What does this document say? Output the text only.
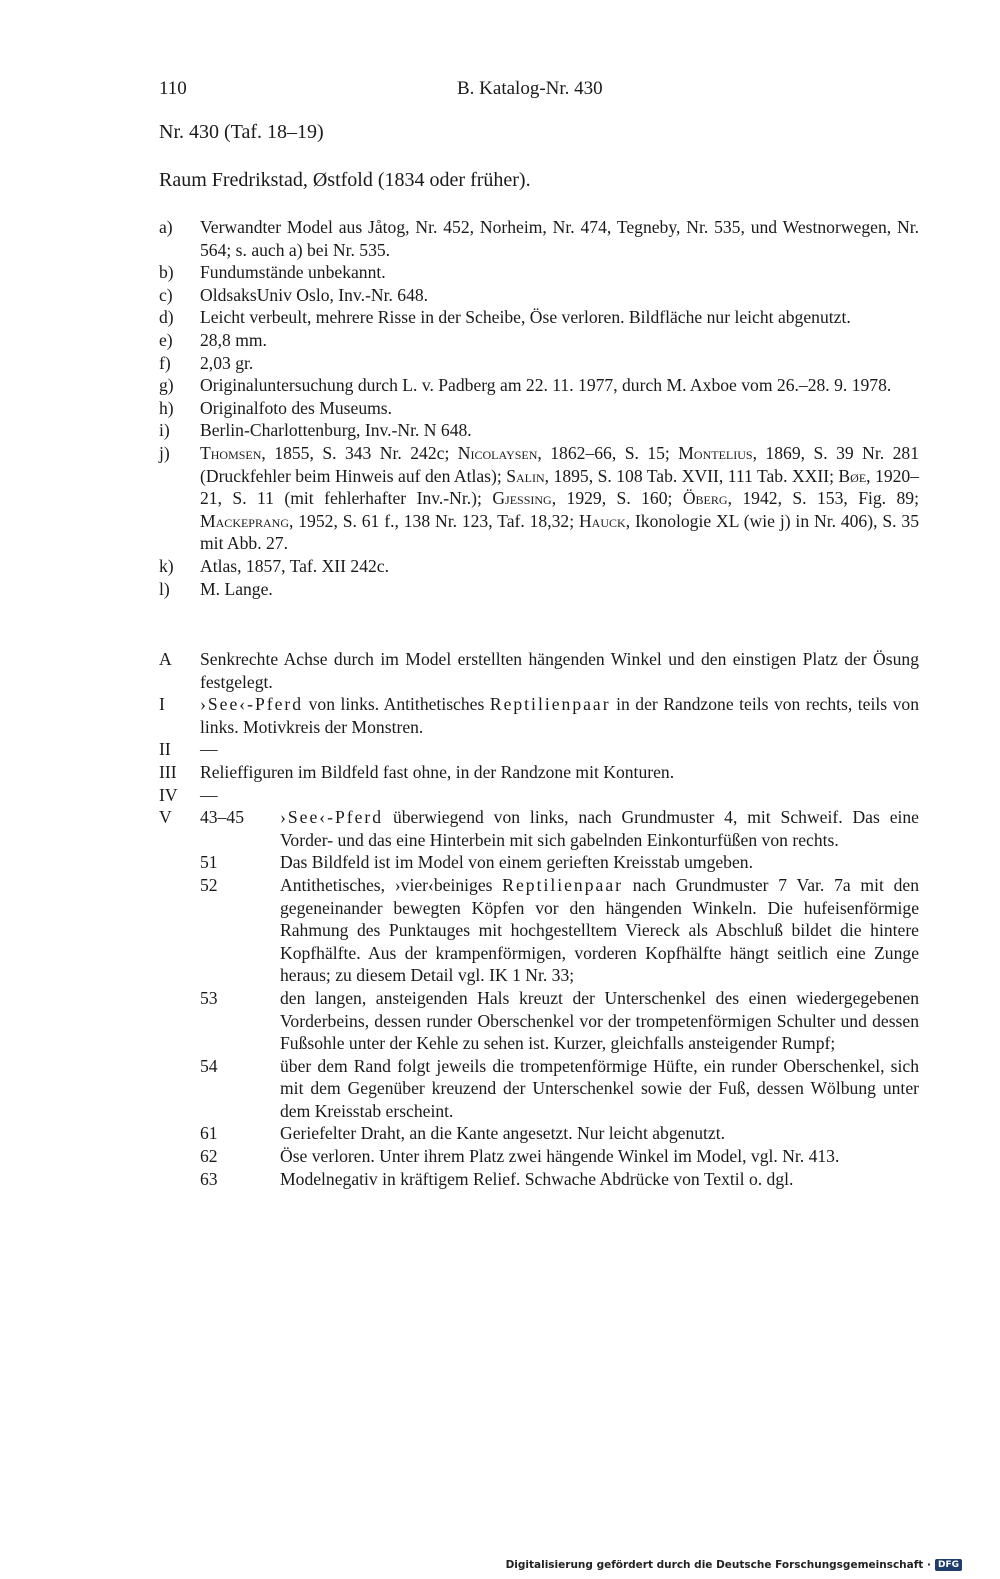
110	B. Katalog-Nr. 430
Nr. 430 (Taf. 18–19)
Raum Fredrikstad, Østfold (1834 oder früher).
a)	Verwandter Model aus Jåtog, Nr. 452, Norheim, Nr. 474, Tegneby, Nr. 535, und Westnorwegen, Nr. 564; s. auch a) bei Nr. 535.
b)	Fundumstände unbekannt.
c)	OldsaksUniv Oslo, Inv.-Nr. 648.
d)	Leicht verbeult, mehrere Risse in der Scheibe, Öse verloren. Bildfläche nur leicht abgenutzt.
e)	28,8 mm.
f)	2,03 gr.
g)	Originaluntersuchung durch L. v. Padberg am 22. 11. 1977, durch M. Axboe vom 26.–28. 9. 1978.
h)	Originalfoto des Museums.
i)	Berlin-Charlottenburg, Inv.-Nr. N 648.
j)	Thomsen, 1855, S. 343 Nr. 242c; Nicolaysen, 1862–66, S. 15; Montelius, 1869, S. 39 Nr. 281 (Druckfehler beim Hinweis auf den Atlas); Salin, 1895, S. 108 Tab. XVII, 111 Tab. XXII; Bøe, 1920–21, S. 11 (mit fehlerhafter Inv.-Nr.); Gjessing, 1929, S. 160; Öberg, 1942, S. 153, Fig. 89; Mackeprang, 1952, S. 61 f., 138 Nr. 123, Taf. 18,32; Hauck, Ikonologie XL (wie j) in Nr. 406), S. 35 mit Abb. 27.
k)	Atlas, 1857, Taf. XII 242c.
l)	M. Lange.
A	Senkrechte Achse durch im Model erstellten hängenden Winkel und den einstigen Platz der Ösung festgelegt.
I	›See‹-Pferd von links. Antithetisches Reptilienpaar in der Randzone teils von rechts, teils von links. Motivkreis der Monstren.
II	—
III	Relieffiguren im Bildfeld fast ohne, in der Randzone mit Konturen.
IV	—
V	43–45	›See‹-Pferd überwiegend von links, nach Grundmuster 4, mit Schweif. Das eine Vorder- und das eine Hinterbein mit sich gabelnden Einkonturfüßen von rechts.
51	Das Bildfeld ist im Model von einem gerieften Kreisstab umgeben.
52	Antithetisches, ›vier‹beiniges Reptilienpaar nach Grundmuster 7 Var. 7a mit den gegeneinander bewegten Köpfen vor den hängenden Winkeln. Die hufeisenförmige Rahmung des Punktauges mit hochgestelltem Viereck als Abschluß bildet die hintere Kopfhälfte. Aus der krampenförmigen, vorderen Kopfhälfte hängt seitlich eine Zunge heraus; zu diesem Detail vgl. IK 1 Nr. 33;
53	den langen, ansteigenden Hals kreuzt der Unterschenkel des einen wiedergegebenen Vorderbeins, dessen runder Oberschenkel vor der trompetenförmigen Schulter und dessen Fußsohle unter der Kehle zu sehen ist. Kurzer, gleichfalls ansteigender Rumpf;
54	über dem Rand folgt jeweils die trompetenförmige Hüfte, ein runder Oberschenkel, sich mit dem Gegenüber kreuzend der Unterschenkel sowie der Fuß, dessen Wölbung unter dem Kreisstab erscheint.
61	Geriefelter Draht, an die Kante angesetzt. Nur leicht abgenutzt.
62	Öse verloren. Unter ihrem Platz zwei hängende Winkel im Model, vgl. Nr. 413.
63	Modelnegativ in kräftigem Relief. Schwache Abdrücke von Textil o. dgl.
Digitalisierung gefördert durch die Deutsche Forschungsgemeinschaft · DFG
